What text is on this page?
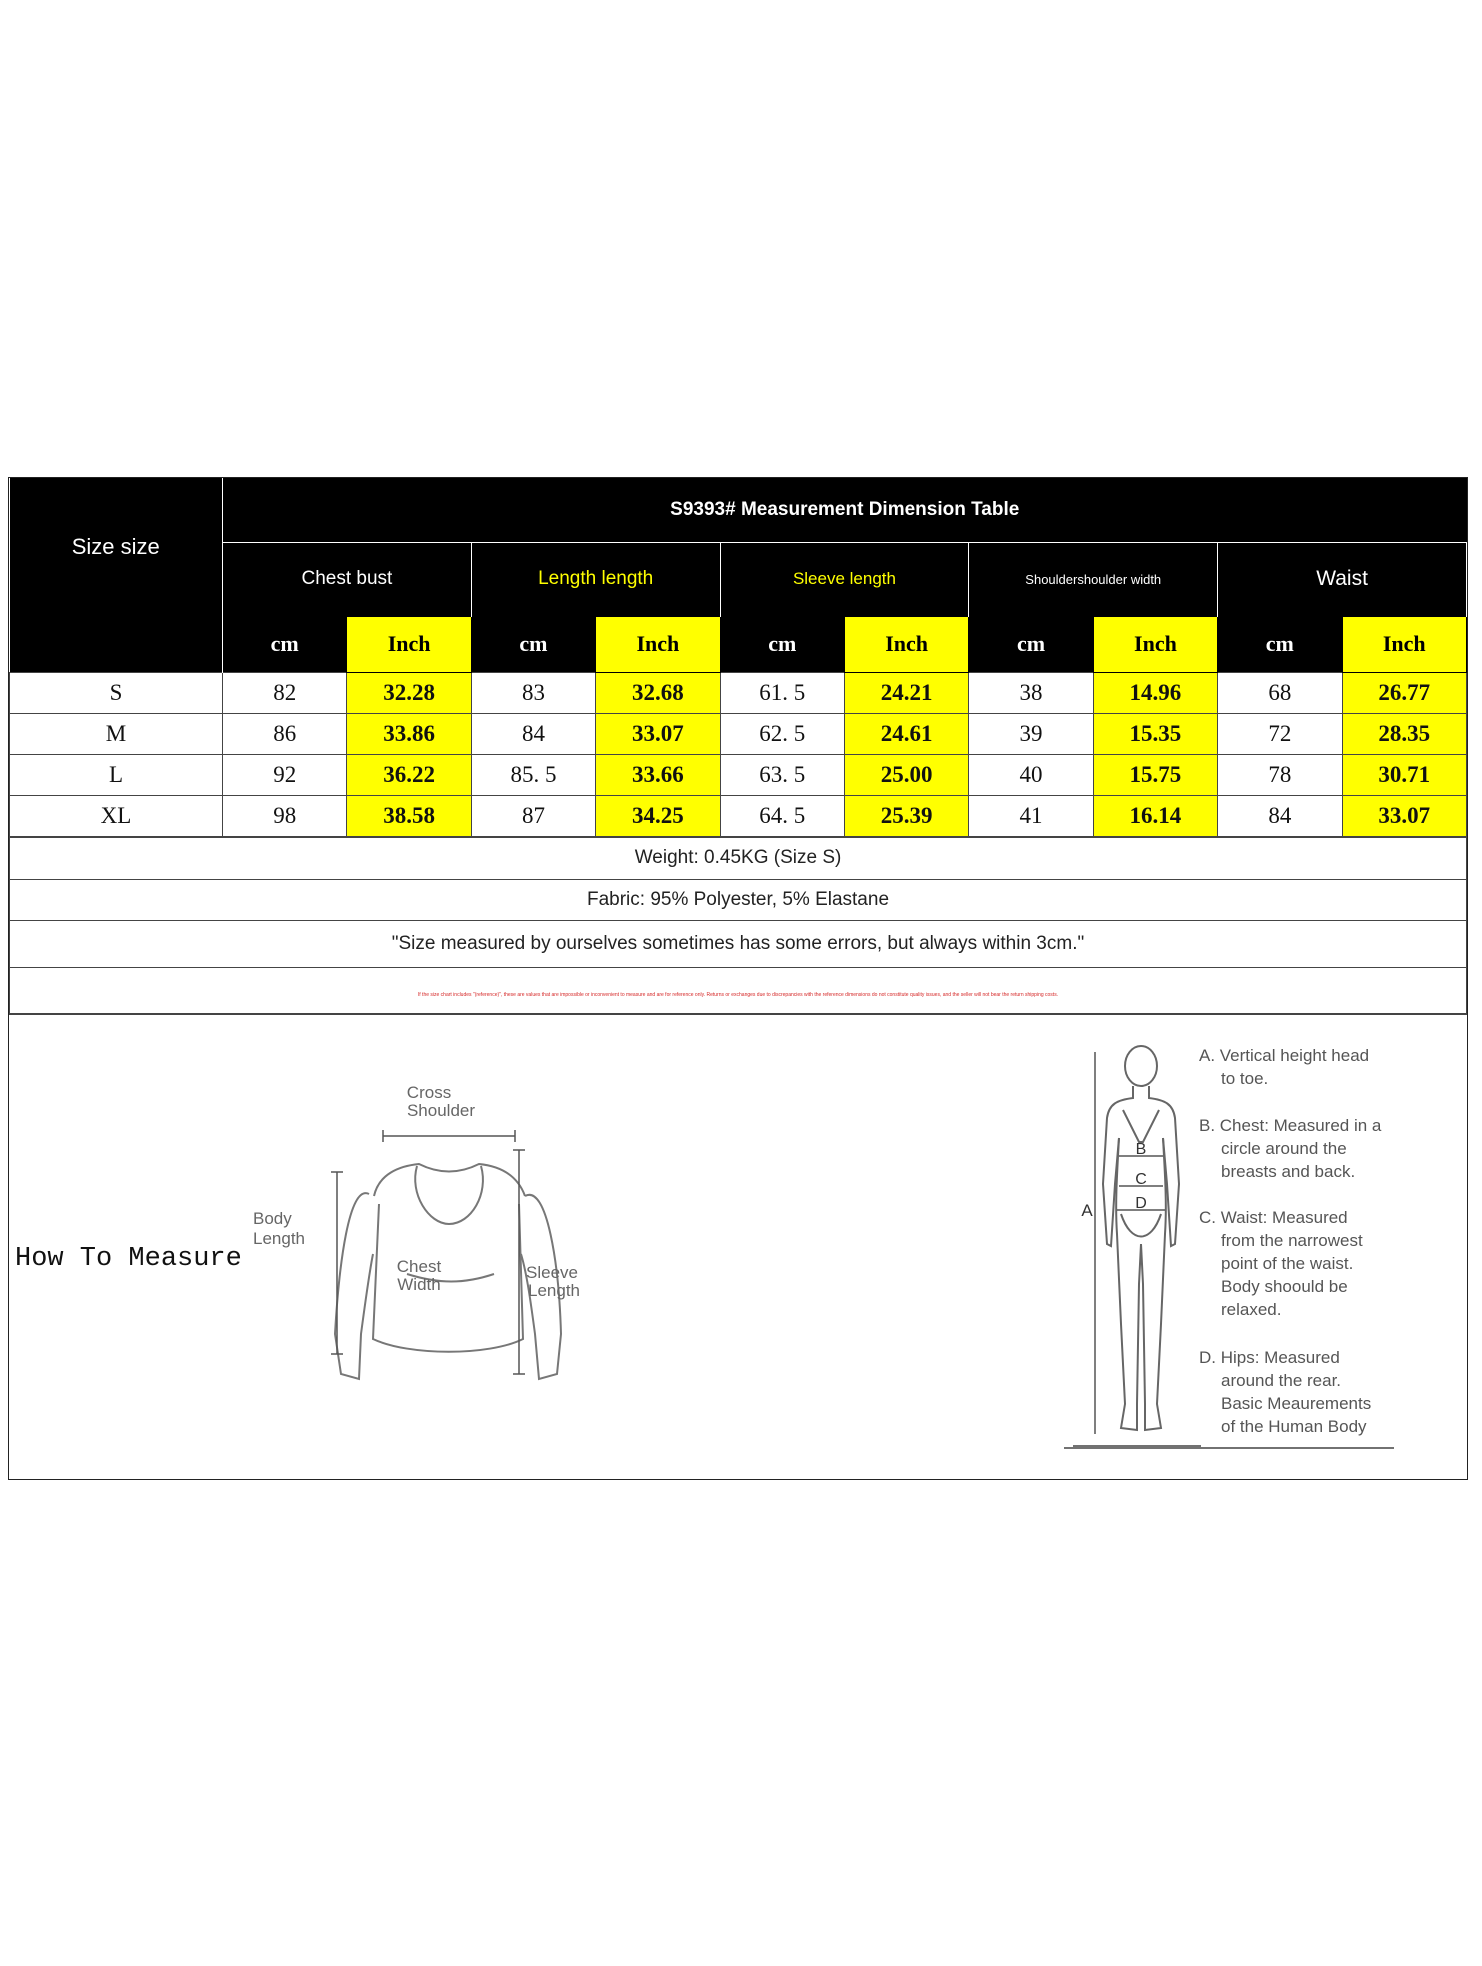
Size size	S9393# Measurement Dimension Table									
	Chest bust		Length length		Sleeve length		Shouldershoulder width		Waist	
	cm	Inch	cm	Inch	cm	Inch	cm	Inch	cm	Inch
S	82	32.28	83	32.68	61. 5	24.21	38	14.96	68	26.77
M	86	33.86	84	33.07	62. 5	24.61	39	15.35	72	28.35
L	92	36.22	85. 5	33.66	63. 5	25.00	40	15.75	78	30.71
XL	98	38.58	87	34.25	64. 5	25.39	41	16.14	84	33.07
Weight: 0.45KG (Size S)
Fabric: 95% Polyester, 5% Elastane
"Size measured by ourselves sometimes has some errors, but always within 3cm."
If the size chart includes "(reference)", these are values that are impossible or inconvenient to measure and are for reference only. Returns or exchanges due to discrepancies with the reference dimensions do not constitute quality issues, and the seller will not bear the return shipping costs.
How To Measure
Cross
Shoulder
Body
Length
Chest
Width
Sleeve
Length
B
C
D
A
A. Vertical height head
to toe.
B. Chest: Measured in a
circle around the
breasts and back.
C. Waist: Measured
from the narrowest
point of the waist.
Body shoould be
relaxed.
D. Hips: Measured
around the rear.
Basic Meaurements
of the Human Body
